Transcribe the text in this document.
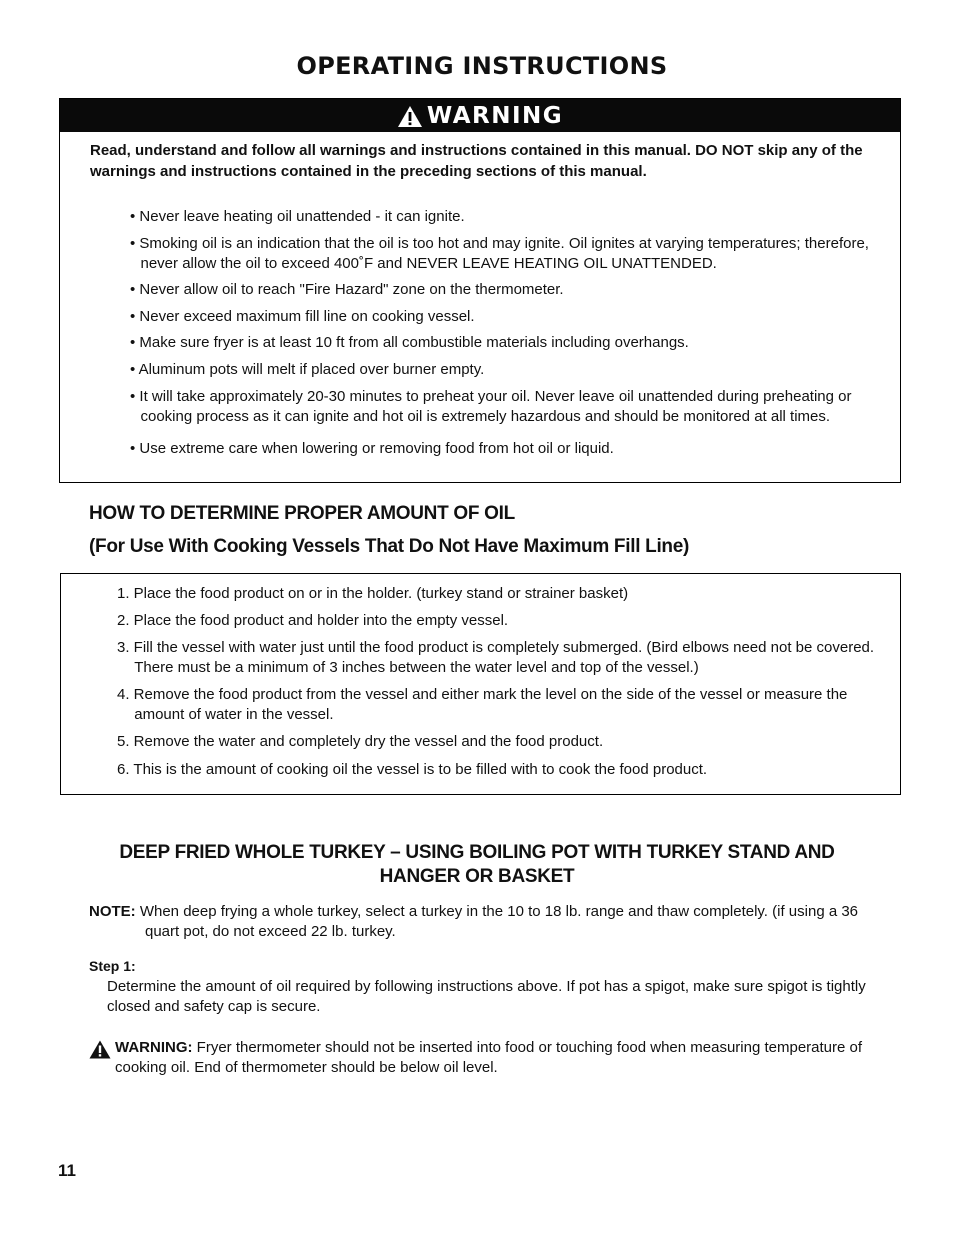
OPERATING INSTRUCTIONS
WARNING
Read, understand and follow all warnings and instructions contained in this manual. DO NOT skip any of the warnings and instructions contained in the preceding sections of this manual.
• Never leave heating oil unattended - it can ignite.
• Smoking oil is an indication that the oil is too hot and may ignite. Oil ignites at varying temperatures; therefore, never allow the oil to exceed 400˚F and NEVER LEAVE HEATING OIL UNATTENDED.
• Never allow oil to reach "Fire Hazard" zone on the thermometer.
• Never exceed maximum fill line on cooking vessel.
• Make sure fryer is at least 10 ft from all combustible materials including overhangs.
• Aluminum pots will melt if placed over burner empty.
• It will take approximately 20-30 minutes to preheat your oil. Never leave oil unattended during preheating or cooking process as it can ignite and hot oil is extremely hazardous and should be monitored at all times.
• Use extreme care when lowering or removing food from hot oil or liquid.
HOW TO DETERMINE PROPER AMOUNT OF OIL
(For Use With Cooking Vessels That Do Not Have Maximum Fill Line)
1. Place the food product on or in the holder. (turkey stand or strainer basket)
2. Place the food product and holder into the empty vessel.
3. Fill the vessel with water just until the food product is completely submerged. (Bird elbows need not be covered. There must be a minimum of 3 inches between the water level and top of the vessel.)
4. Remove the food product from the vessel and either mark the level on the side of the vessel or measure the amount of water in the vessel.
5. Remove the water and completely dry the vessel and the food product.
6. This is the amount of cooking oil the vessel is to be filled with to cook the food product.
DEEP FRIED WHOLE TURKEY – USING BOILING POT WITH TURKEY STAND AND
HANGER OR BASKET
NOTE: When deep frying a whole turkey, select a turkey in the 10 to 18 lb. range and thaw completely. (if using a 36 quart pot, do not exceed 22 lb. turkey.
Step 1:
Determine the amount of oil required by following instructions above. If pot has a spigot, make sure spigot is tightly closed and safety cap is secure.
WARNING: Fryer thermometer should not be inserted into food or touching food when measuring temperature of cooking oil. End of thermometer should be below oil level.
11
